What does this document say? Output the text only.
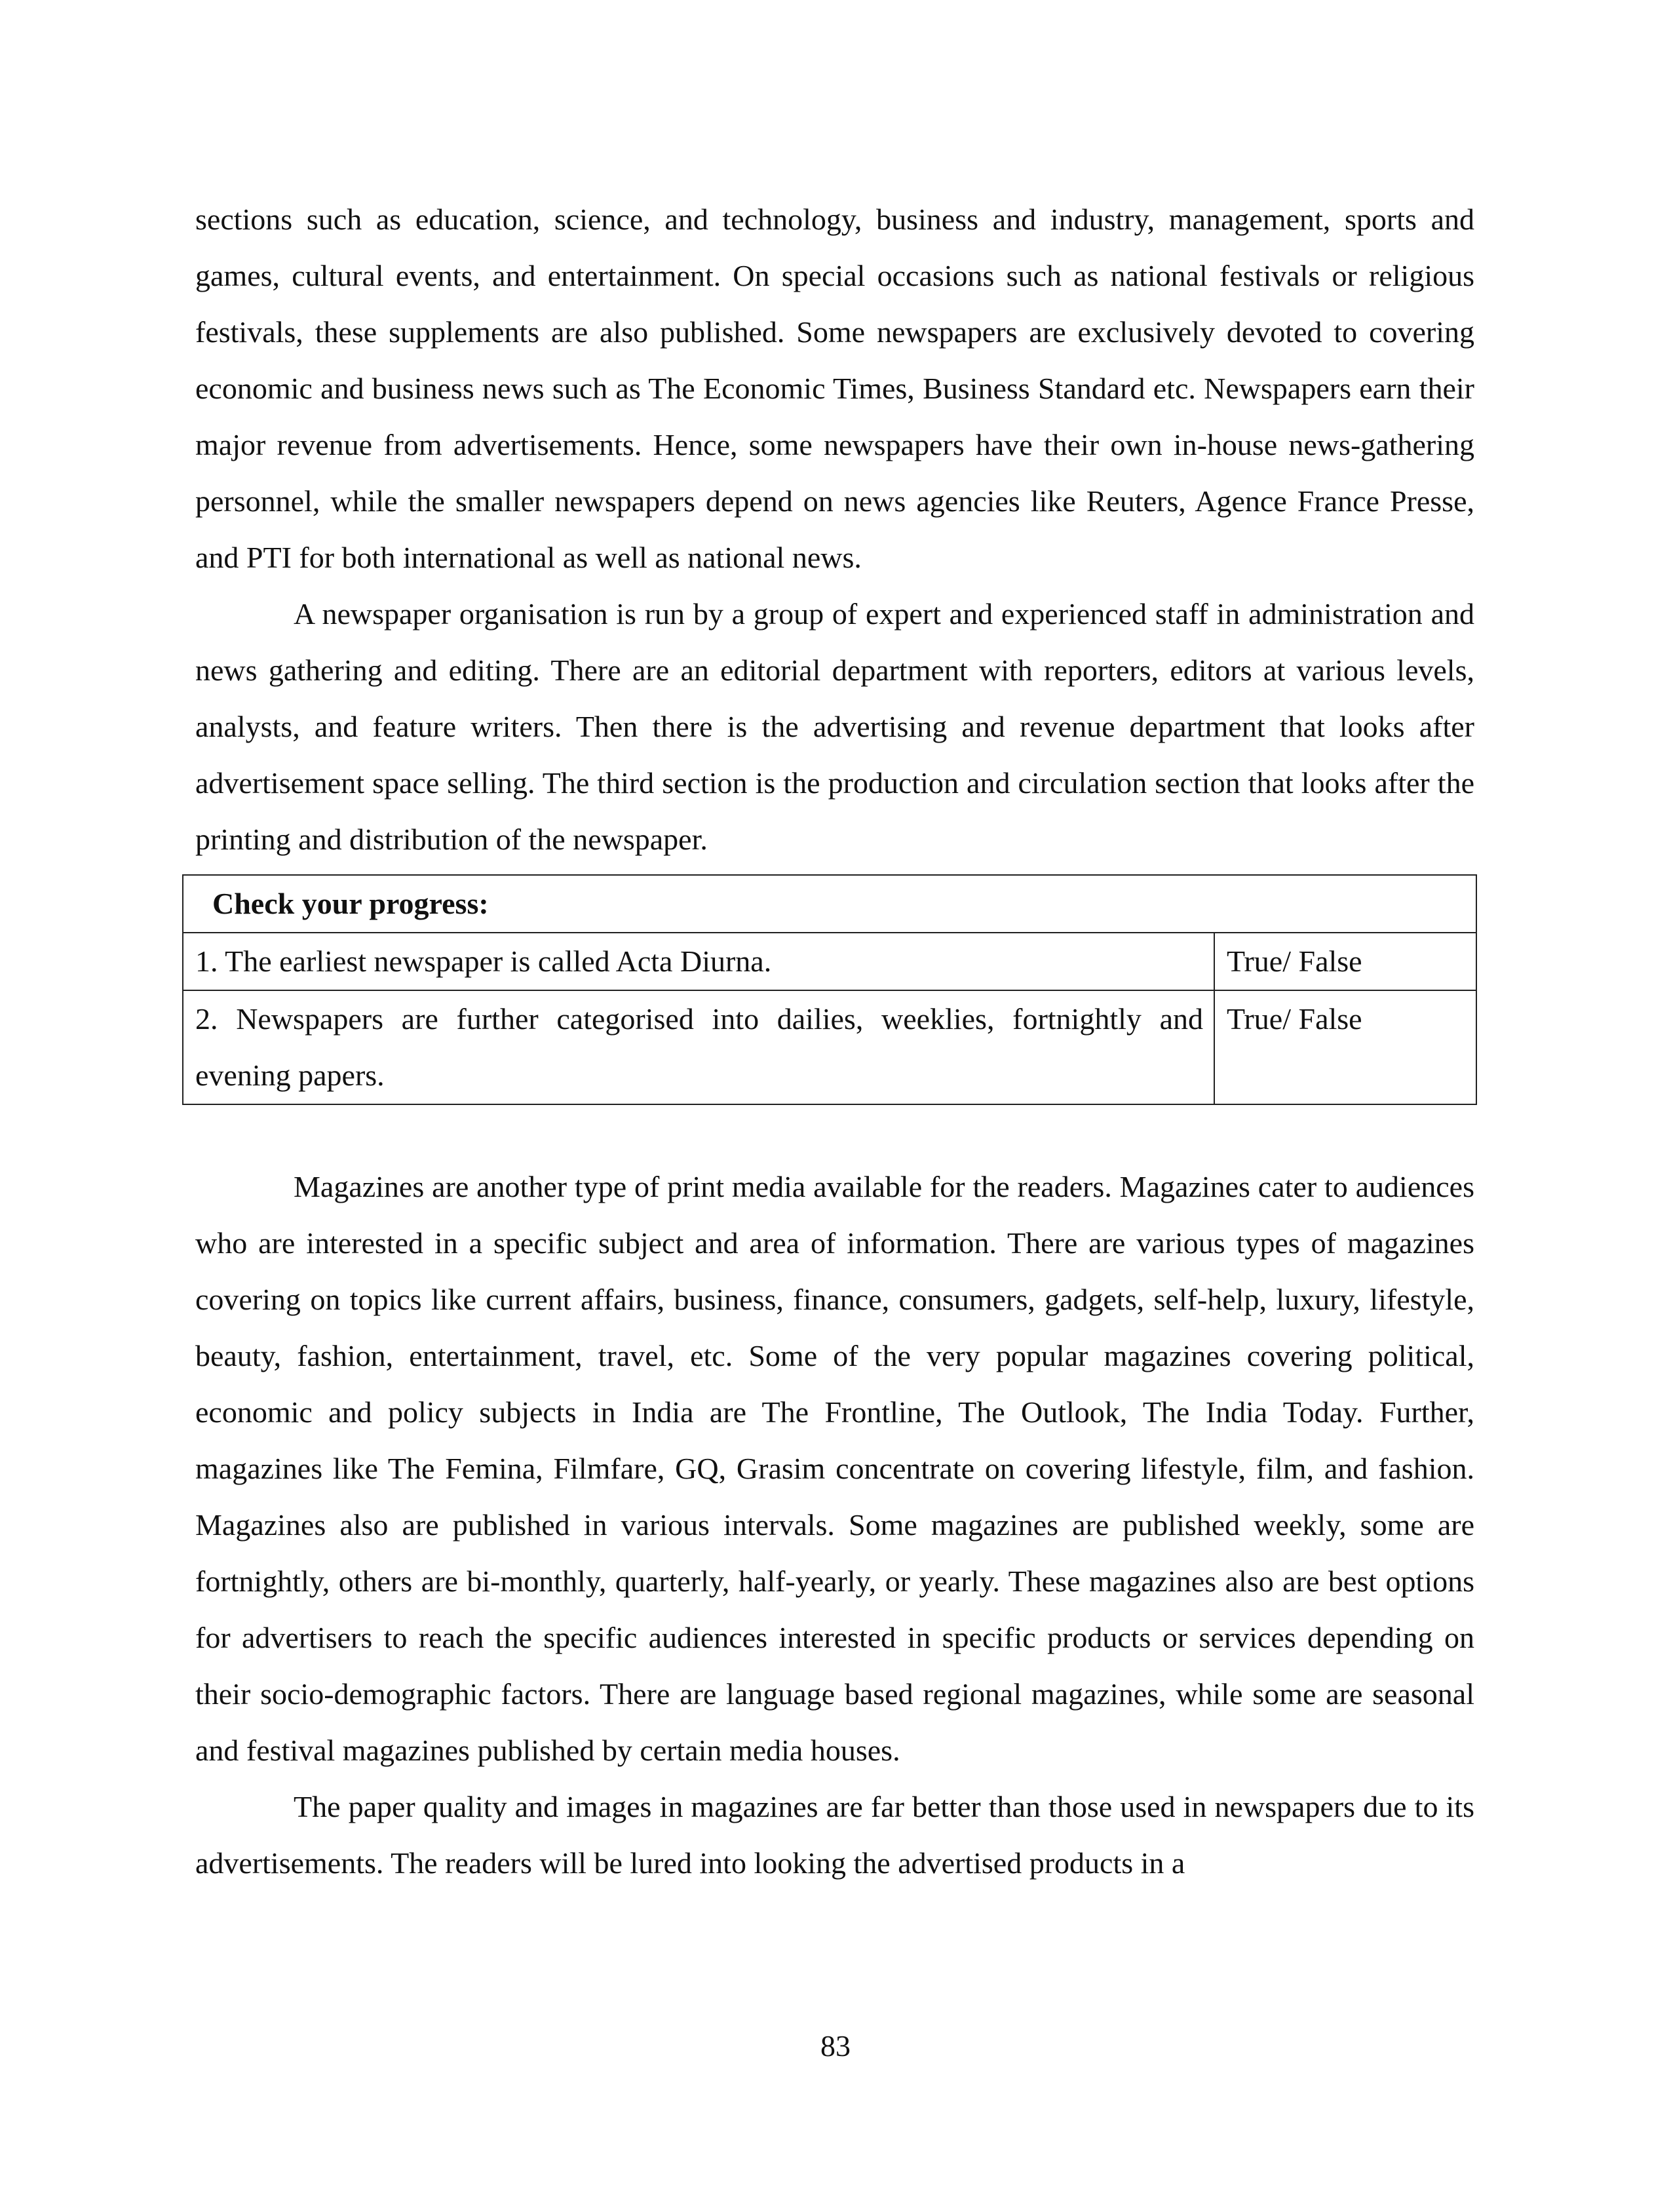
sections such as education, science, and technology, business and industry, management, sports and games, cultural events, and entertainment. On special occasions such as national festivals or religious festivals, these supplements are also published. Some newspapers are exclusively devoted to covering economic and business news such as The Economic Times, Business Standard etc. Newspapers earn their major revenue from advertisements. Hence, some newspapers have their own in-house news-gathering personnel, while the smaller newspapers depend on news agencies like Reuters, Agence France Presse, and PTI for both international as well as national news.

A newspaper organisation is run by a group of expert and experienced staff in administration and news gathering and editing. There are an editorial department with reporters, editors at various levels, analysts, and feature writers. Then there is the advertising and revenue department that looks after advertisement space selling. The third section is the production and circulation section that looks after the printing and distribution of the newspaper.

Check your progress:	
1. The earliest newspaper is called Acta Diurna.	True/ False
2. Newspapers are further categorised into dailies, weeklies, fortnightly and evening papers.	True/ False

Magazines are another type of print media available for the readers. Magazines cater to audiences who are interested in a specific subject and area of information. There are various types of magazines covering on topics like current affairs, business, finance, consumers, gadgets, self-help, luxury, lifestyle, beauty, fashion, entertainment, travel, etc. Some of the very popular magazines covering political, economic and policy subjects in India are The Frontline, The Outlook, The India Today. Further, magazines like The Femina, Filmfare, GQ, Grasim concentrate on covering lifestyle, film, and fashion. Magazines also are published in various intervals. Some magazines are published weekly, some are fortnightly, others are bi-monthly, quarterly, half-yearly, or yearly. These magazines also are best options for advertisers to reach the specific audiences interested in specific products or services depending on their socio-demographic factors. There are language based regional magazines, while some are seasonal and festival magazines published by certain media houses.

The paper quality and images in magazines are far better than those used in newspapers due to its advertisements. The readers will be lured into looking the advertised products in a

83
